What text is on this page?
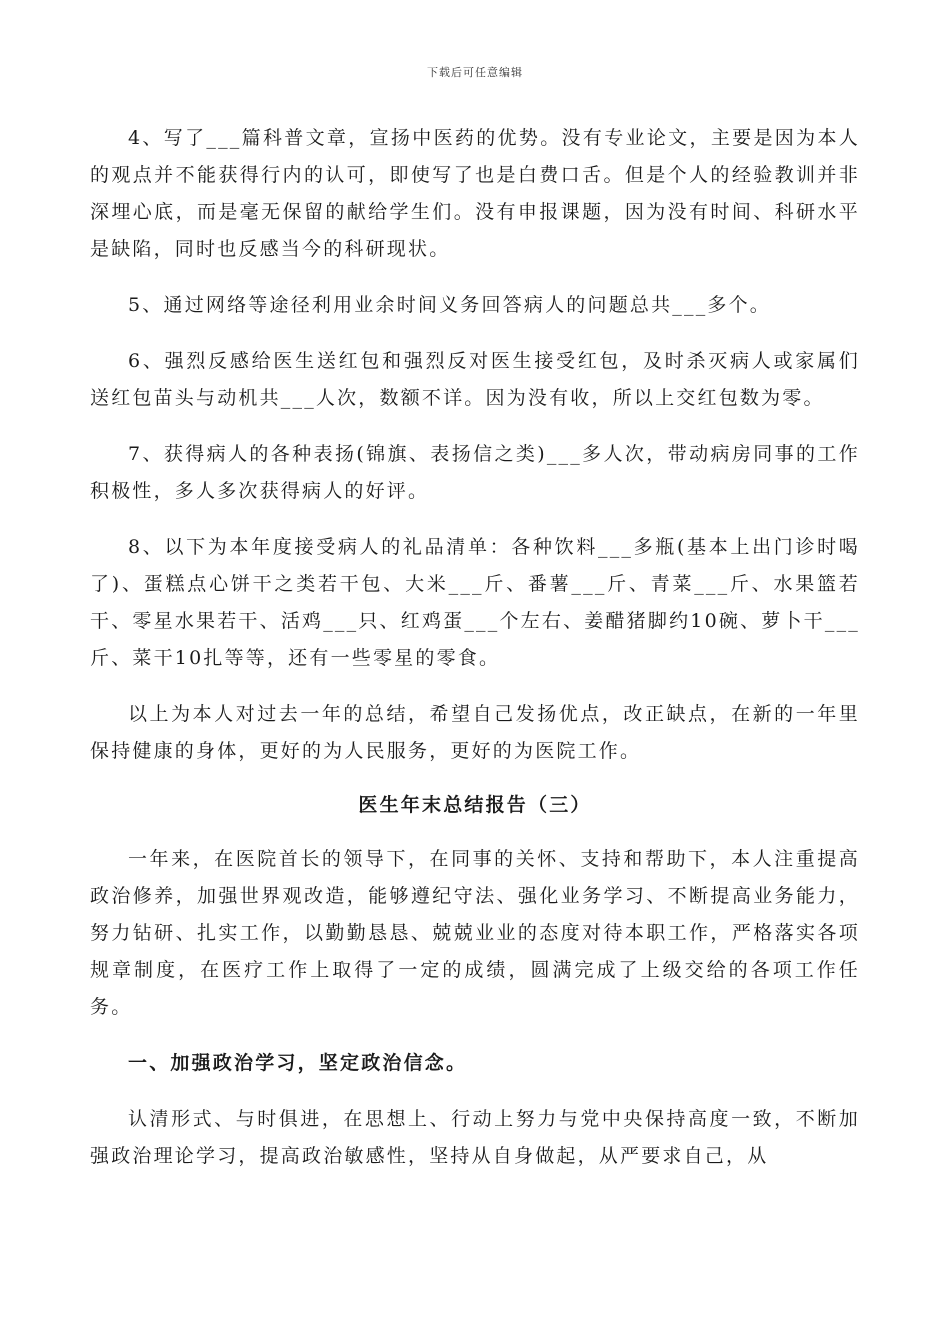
下载后可任意编辑

4、写了___篇科普文章，宣扬中医药的优势。没有专业论文，主要是因为本人的观点并不能获得行内的认可，即使写了也是白费口舌。但是个人的经验教训并非深埋心底，而是毫无保留的献给学生们。没有申报课题，因为没有时间、科研水平是缺陷，同时也反感当今的科研现状。

5、通过网络等途径利用业余时间义务回答病人的问题总共___多个。

6、强烈反感给医生送红包和强烈反对医生接受红包，及时杀灭病人或家属们送红包苗头与动机共___人次，数额不详。因为没有收，所以上交红包数为零。

7、获得病人的各种表扬(锦旗、表扬信之类)___多人次，带动病房同事的工作积极性，多人多次获得病人的好评。

8、以下为本年度接受病人的礼品清单：各种饮料___多瓶(基本上出门诊时喝了)、蛋糕点心饼干之类若干包、大米___斤、番薯___斤、青菜___斤、水果篮若干、零星水果若干、活鸡___只、红鸡蛋___个左右、姜醋猪脚约10碗、萝卜干___斤、菜干10扎等等，还有一些零星的零食。

以上为本人对过去一年的总结，希望自己发扬优点，改正缺点，在新的一年里保持健康的身体，更好的为人民服务，更好的为医院工作。

医生年末总结报告（三）

一年来，在医院首长的领导下，在同事的关怀、支持和帮助下，本人注重提高政治修养，加强世界观改造，能够遵纪守法、强化业务学习、不断提高业务能力，努力钻研、扎实工作，以勤勤恳恳、兢兢业业的态度对待本职工作，严格落实各项规章制度，在医疗工作上取得了一定的成绩，圆满完成了上级交给的各项工作任务。

一、加强政治学习，坚定政治信念。

认清形式、与时俱进，在思想上、行动上努力与党中央保持高度一致，不断加强政治理论学习，提高政治敏感性，坚持从自身做起，从严要求自己，从
